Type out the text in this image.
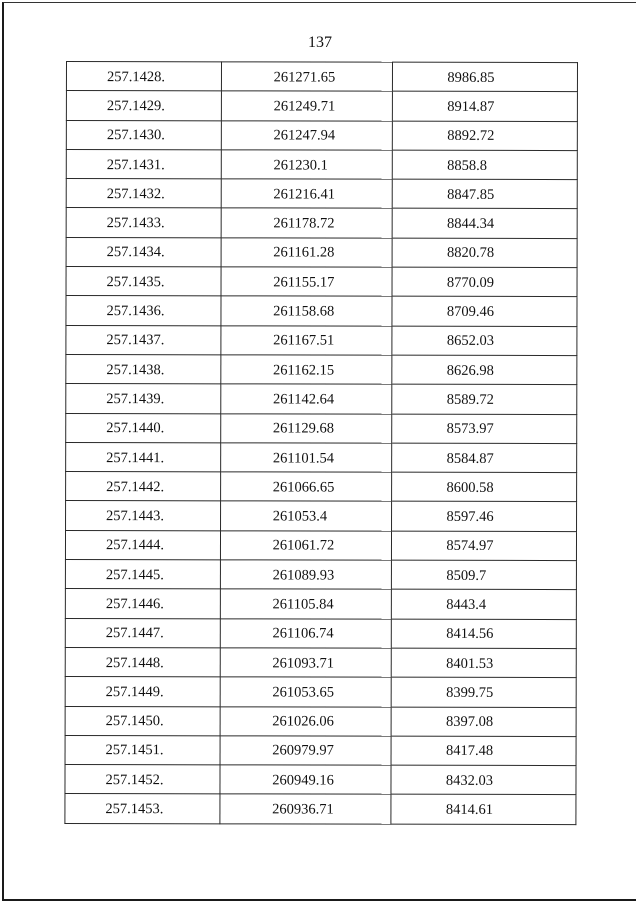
137
257.1428.	261271.65	8986.85
257.1429.	261249.71	8914.87
257.1430.	261247.94	8892.72
257.1431.	261230.1	8858.8
257.1432.	261216.41	8847.85
257.1433.	261178.72	8844.34
257.1434.	261161.28	8820.78
257.1435.	261155.17	8770.09
257.1436.	261158.68	8709.46
257.1437.	261167.51	8652.03
257.1438.	261162.15	8626.98
257.1439.	261142.64	8589.72
257.1440.	261129.68	8573.97
257.1441.	261101.54	8584.87
257.1442.	261066.65	8600.58
257.1443.	261053.4	8597.46
257.1444.	261061.72	8574.97
257.1445.	261089.93	8509.7
257.1446.	261105.84	8443.4
257.1447.	261106.74	8414.56
257.1448.	261093.71	8401.53
257.1449.	261053.65	8399.75
257.1450.	261026.06	8397.08
257.1451.	260979.97	8417.48
257.1452.	260949.16	8432.03
257.1453.	260936.71	8414.61
